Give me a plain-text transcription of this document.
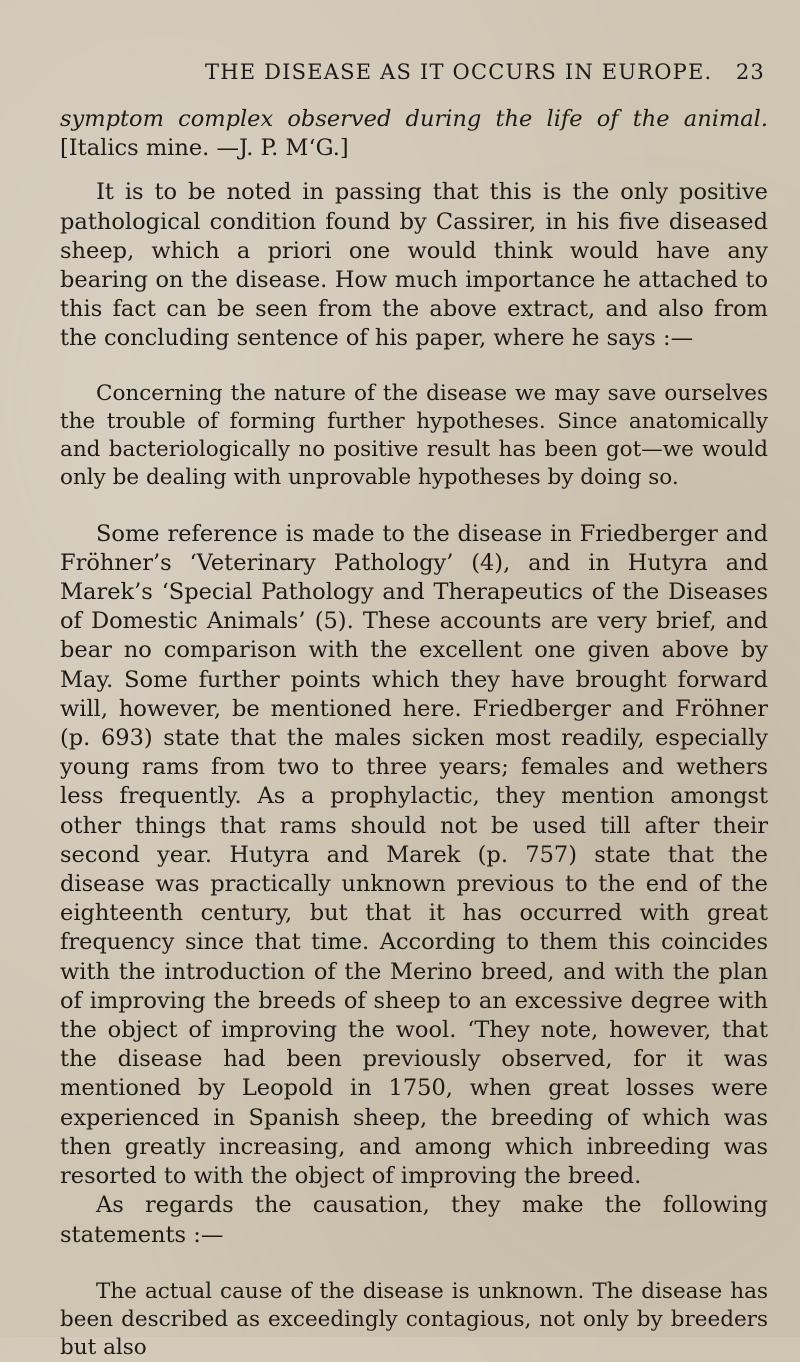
THE DISEASE AS IT OCCURS IN EUROPE. 23

symptom complex observed during the life of the animal. [Italics mine. —J. P. M‘G.]

It is to be noted in passing that this is the only positive pathological condition found by Cassirer, in his five diseased sheep, which a priori one would think would have any bearing on the disease. How much importance he attached to this fact can be seen from the above extract, and also from the concluding sentence of his paper, where he says :—

Concerning the nature of the disease we may save ourselves the trouble of forming further hypotheses. Since anatomically and bacteriologically no positive result has been got—we would only be dealing with unprovable hypotheses by doing so.

Some reference is made to the disease in Friedberger and Fröhner’s ‘Veterinary Pathology’ (4), and in Hutyra and Marek’s ‘Special Pathology and Therapeutics of the Diseases of Domestic Animals’ (5). These accounts are very brief, and bear no comparison with the excellent one given above by May. Some further points which they have brought forward will, however, be mentioned here. Friedberger and Fröhner (p. 693) state that the males sicken most readily, especially young rams from two to three years; females and wethers less frequently. As a prophylactic, they mention amongst other things that rams should not be used till after their second year. Hutyra and Marek (p. 757) state that the disease was practically unknown previous to the end of the eighteenth century, but that it has occurred with great frequency since that time. According to them this coincides with the introduction of the Merino breed, and with the plan of improving the breeds of sheep to an excessive degree with the object of improving the wool. ‘They note, however, that the disease had been previously observed, for it was mentioned by Leopold in 1750, when great losses were experienced in Spanish sheep, the breeding of which was then greatly increasing, and among which inbreeding was resorted to with the object of improving the breed.

As regards the causation, they make the following statements :—

The actual cause of the disease is unknown. The disease has been described as exceedingly contagious, not only by breeders but also
